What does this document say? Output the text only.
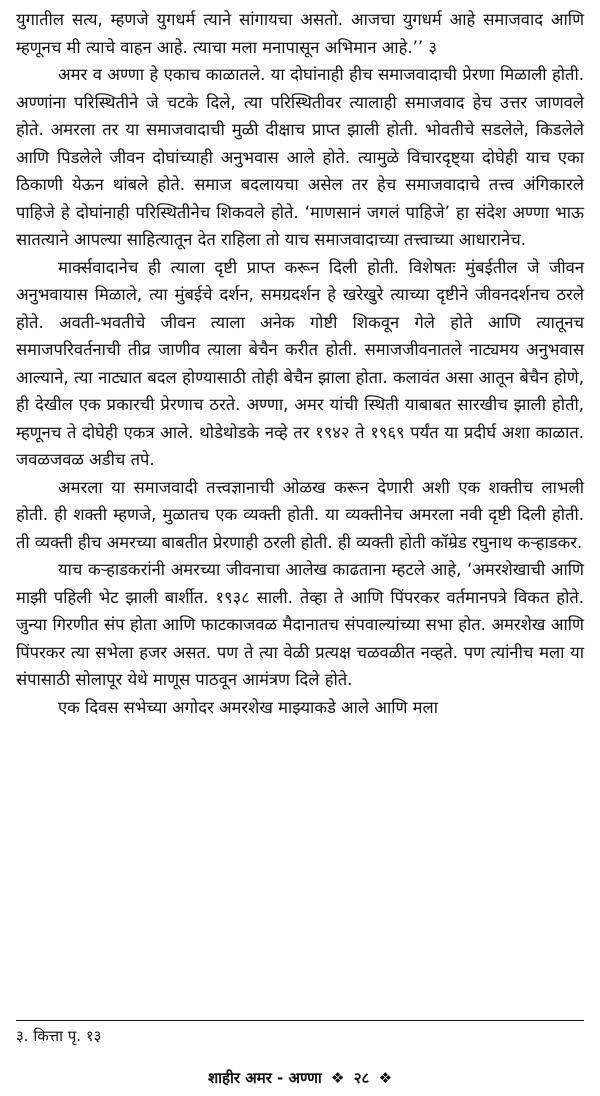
युगातील सत्य, म्हणजे युगधर्म त्याने सांगायचा असतो. आजचा युगधर्म आहे समाजवाद आणि म्हणूनच मी त्याचे वाहन आहे. त्याचा मला मनापासून अभिमान आहे.’’ ३

अमर व अण्णा हे एकाच काळातले. या दोघांनाही हीच समाजवादाची प्रेरणा मिळाली होती. अण्णांना परिस्थितीने जे चटके दिले, त्या परिस्थितीवर त्यालाही समाजवाद हेच उत्तर जाणवले होते. अमरला तर या समाजवादाची मुळी दीक्षाच प्राप्त झाली होती. भोवतीचे सडलेले, किडलेले आणि पिडलेले जीवन दोघांच्याही अनुभवास आले होते. त्यामुळे विचारदृष्ट्या दोघेही याच एका ठिकाणी येऊन थांबले होते. समाज बदलायचा असेल तर हेच समाजवादाचे तत्त्व अंगिकारले पाहिजे हे दोघांनाही परिस्थितीनेच शिकवले होते. ‘माणसानं जगलं पाहिजे’ हा संदेश अण्णा भाऊ सातत्याने आपल्या साहित्यातून देत राहिला तो याच समाजवादाच्या तत्त्वाच्या आधारानेच.

मार्क्सवादानेच ही त्याला दृष्टी प्राप्त करून दिली होती. विशेषतः मुंबईतील जे जीवन अनुभवायास मिळाले, त्या मुंबईचे दर्शन, समग्रदर्शन हे खरेखुरे त्याच्या दृष्टीने जीवनदर्शनच ठरले होते. अवती-भवतीचे जीवन त्याला अनेक गोष्टी शिकवून गेले होते आणि त्यातूनच समाजपरिवर्तनाची तीव्र जाणीव त्याला बेचैन करीत होती. समाजजीवनातले नाट्यमय अनुभवास आल्याने, त्या नाट्यात बदल होण्यासाठी तोही बेचैन झाला होता. कलावंत असा आतून बेचैन होणे, ही देखील एक प्रकारची प्रेरणाच ठरते. अण्णा, अमर यांची स्थिती याबाबत सारखीच झाली होती, म्हणूनच ते दोघेही एकत्र आले. थोडेथोडके नव्हे तर १९४२ ते १९६९ पर्यंत या प्रदीर्घ अशा काळात. जवळजवळ अडीच तपे.

अमरला या समाजवादी तत्त्वज्ञानाची ओळख करून देणारी अशी एक शक्तीच लाभली होती. ही शक्ती म्हणजे, मुळातच एक व्यक्ती होती. या व्यक्तीनेच अमरला नवी दृष्टी दिली होती. ती व्यक्ती हीच अमरच्या बाबतीत प्रेरणाही ठरली होती. ही व्यक्ती होती कॉम्रेड रघुनाथ कऱ्हाडकर.

याच कऱ्हाडकरांनी अमरच्या जीवनाचा आलेख काढताना म्हटले आहे, ‘अमरशेखाची आणि माझी पहिली भेट झाली बार्शीत. १९३८ साली. तेव्हा ते आणि पिंपरकर वर्तमानपत्रे विकत होते. जुन्या गिरणीत संप होता आणि फाटकाजवळ मैदानातच संपवाल्यांच्या सभा होत. अमरशेख आणि पिंपरकर त्या सभेला हजर असत. पण ते त्या वेळी प्रत्यक्ष चळवळीत नव्हते. पण त्यांनीच मला या संपासाठी सोलापूर येथे माणूस पाठवून आमंत्रण दिले होते.

एक दिवस सभेच्या अगोदर अमरशेख माझ्याकडे आले आणि मला

३. कित्ता पृ. १३

शाहीर अमर - अण्णा ❖ २८ ❖
